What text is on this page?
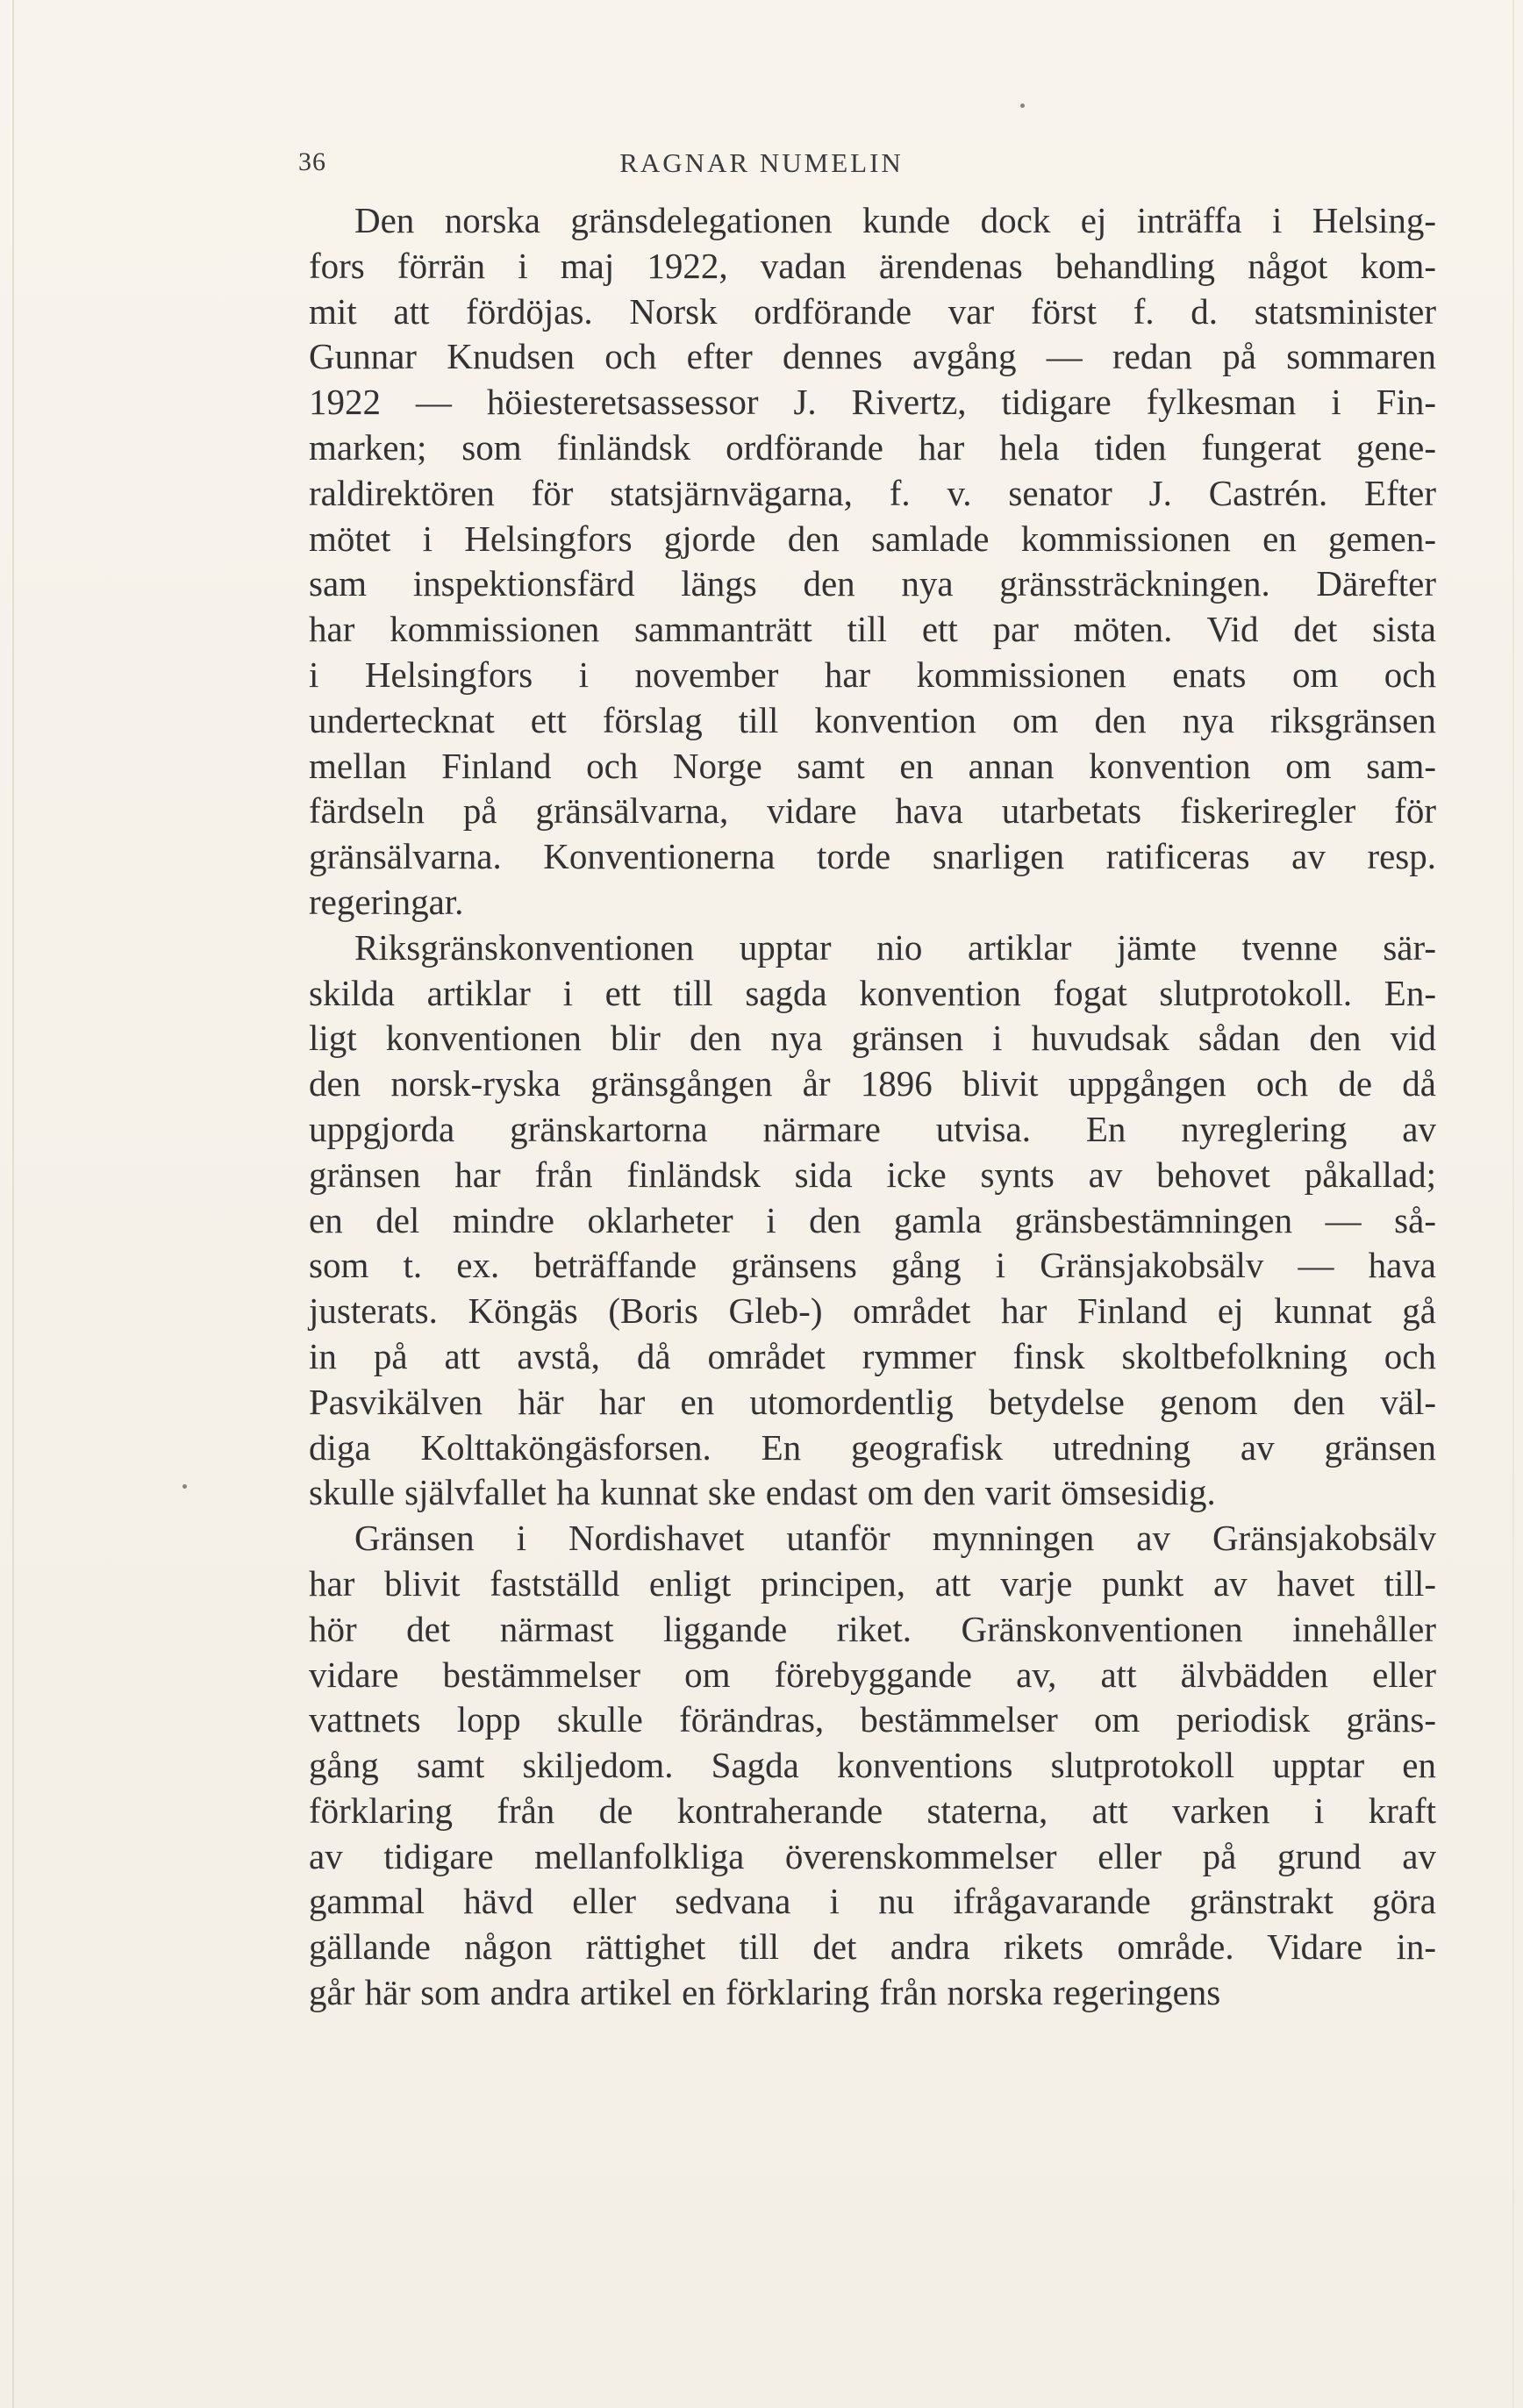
36	RAGNAR NUMELIN
Den norska gränsdelegationen kunde dock ej inträffa i Helsing-
fors förrän i maj 1922, vadan ärendenas behandling något kom-
mit att fördöjas. Norsk ordförande var först f. d. statsminister
Gunnar Knudsen och efter dennes avgång — redan på sommaren
1922 — höiesteretsassessor J. Rivertz, tidigare fylkesman i Fin-
marken; som finländsk ordförande har hela tiden fungerat gene-
raldirektören för statsjärnvägarna, f. v. senator J. Castrén. Efter
mötet i Helsingfors gjorde den samlade kommissionen en gemen-
sam inspektionsfärd längs den nya gränssträckningen. Därefter
har kommissionen sammanträtt till ett par möten. Vid det sista
i Helsingfors i november har kommissionen enats om och
undertecknat ett förslag till konvention om den nya riksgränsen
mellan Finland och Norge samt en annan konvention om sam-
färdseln på gränsälvarna, vidare hava utarbetats fiskeriregler för
gränsälvarna. Konventionerna torde snarligen ratificeras av resp.
regeringar.
Riksgränskonventionen upptar nio artiklar jämte tvenne sär-
skilda artiklar i ett till sagda konvention fogat slutprotokoll. En-
ligt konventionen blir den nya gränsen i huvudsak sådan den vid
den norsk-ryska gränsgången år 1896 blivit uppgången och de då
uppgjorda gränskartorna närmare utvisa. En nyreglering av
gränsen har från finländsk sida icke synts av behovet påkallad;
en del mindre oklarheter i den gamla gränsbestämningen — så-
som t. ex. beträffande gränsens gång i Gränsjakobsälv — hava
justerats. Köngäs (Boris Gleb-) området har Finland ej kunnat gå
in på att avstå, då området rymmer finsk skoltbefolkning och
Pasvikälven här har en utomordentlig betydelse genom den väl-
diga Kolttaköngäsforsen. En geografisk utredning av gränsen
skulle självfallet ha kunnat ske endast om den varit ömsesidig.
Gränsen i Nordishavet utanför mynningen av Gränsjakobsälv
har blivit fastställd enligt principen, att varje punkt av havet till-
hör det närmast liggande riket. Gränskonventionen innehåller
vidare bestämmelser om förebyggande av, att älvbädden eller
vattnets lopp skulle förändras, bestämmelser om periodisk gräns-
gång samt skiljedom. Sagda konventions slutprotokoll upptar en
förklaring från de kontraherande staterna, att varken i kraft
av tidigare mellanfolkliga överenskommelser eller på grund av
gammal hävd eller sedvana i nu ifrågavarande gränstrakt göra
gällande någon rättighet till det andra rikets område. Vidare in-
går här som andra artikel en förklaring från norska regeringens
